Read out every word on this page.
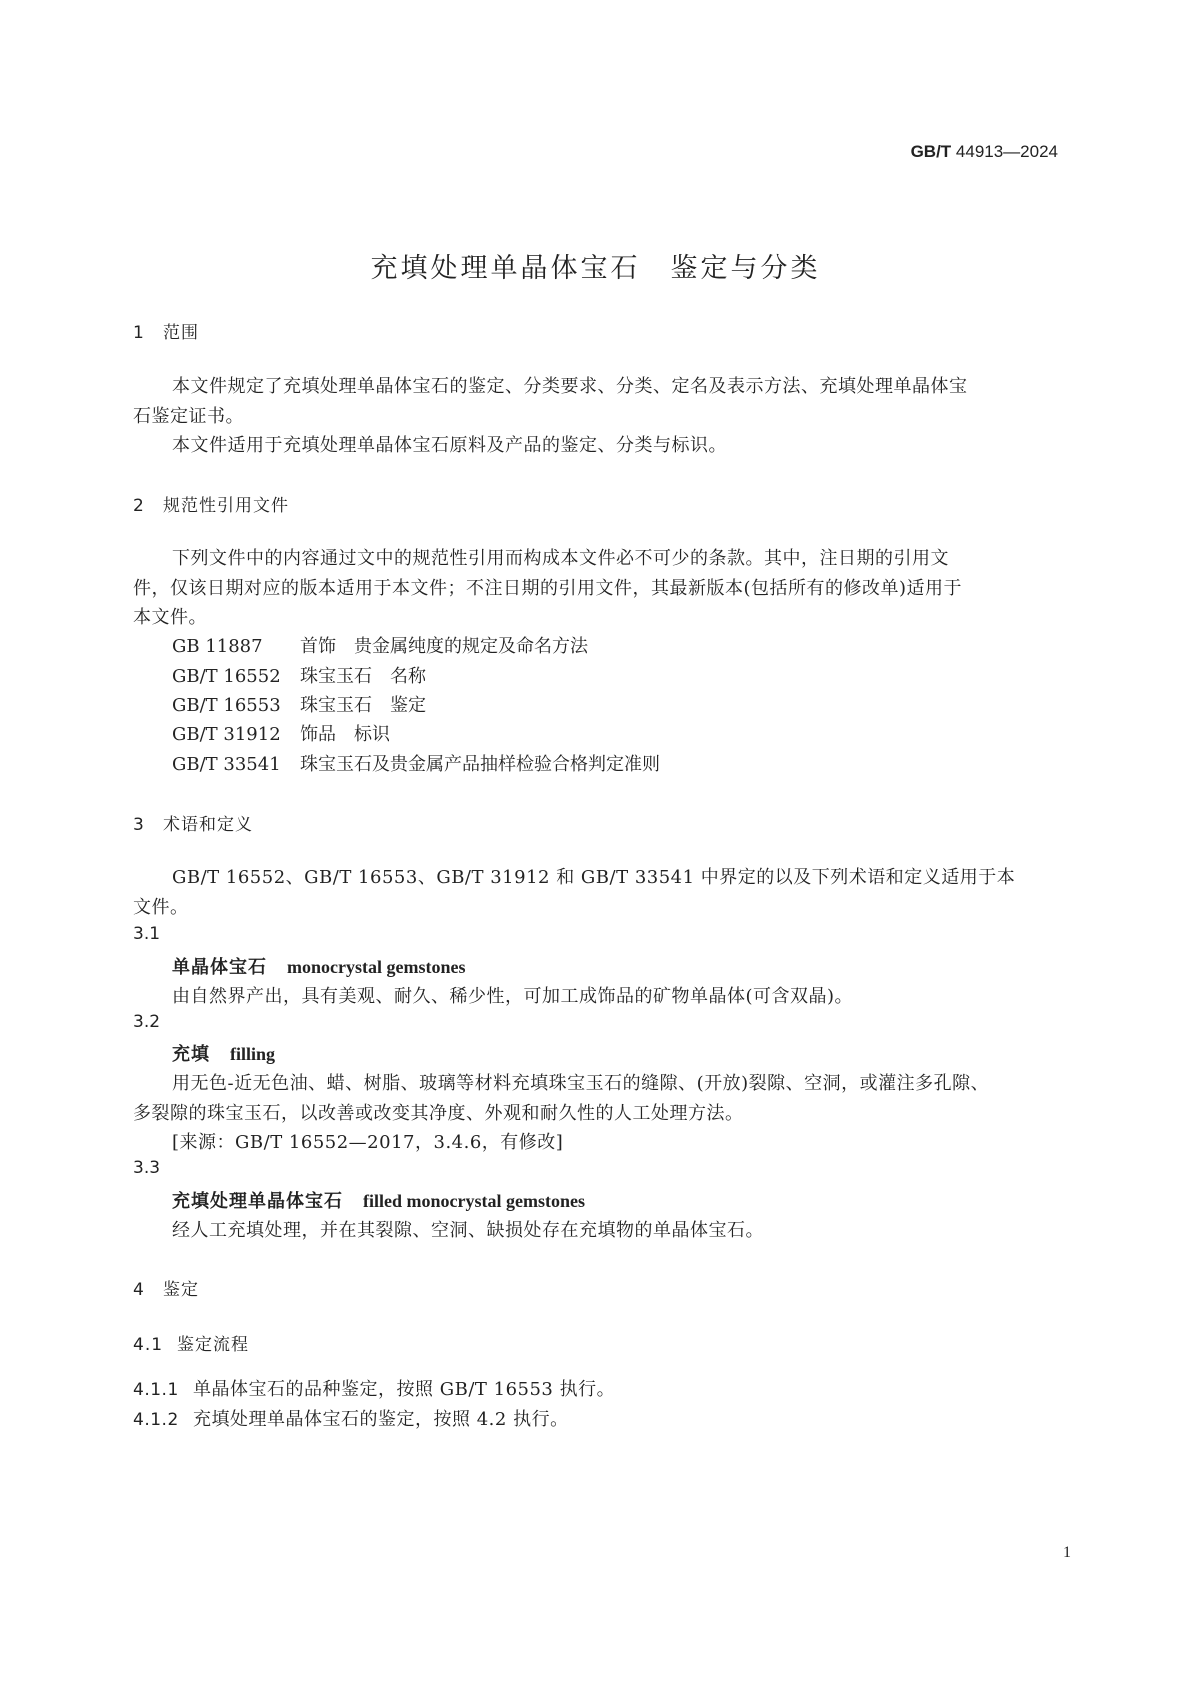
GB/T 44913—2024
充填处理单晶体宝石　鉴定与分类
1 范围
本文件规定了充填处理单晶体宝石的鉴定、分类要求、分类、定名及表示方法、充填处理单晶体宝
石鉴定证书。
本文件适用于充填处理单晶体宝石原料及产品的鉴定、分类与标识。
2 规范性引用文件
下列文件中的内容通过文中的规范性引用而构成本文件必不可少的条款。其中，注日期的引用文
件，仅该日期对应的版本适用于本文件；不注日期的引用文件，其最新版本(包括所有的修改单)适用于
本文件。
GB 11887 首饰　贵金属纯度的规定及命名方法
GB/T 16552 珠宝玉石　名称
GB/T 16553 珠宝玉石　鉴定
GB/T 31912 饰品　标识
GB/T 33541 珠宝玉石及贵金属产品抽样检验合格判定准则
3 术语和定义
GB/T 16552、GB/T 16553、GB/T 31912 和 GB/T 33541 中界定的以及下列术语和定义适用于本
文件。
3.1
单晶体宝石 monocrystal gemstones
由自然界产出，具有美观、耐久、稀少性，可加工成饰品的矿物单晶体(可含双晶)。
3.2
充填 filling
用无色-近无色油、蜡、树脂、玻璃等材料充填珠宝玉石的缝隙、(开放)裂隙、空洞，或灌注多孔隙、
多裂隙的珠宝玉石，以改善或改变其净度、外观和耐久性的人工处理方法。
[来源：GB/T 16552—2017，3.4.6，有修改]
3.3
充填处理单晶体宝石 filled monocrystal gemstones
经人工充填处理，并在其裂隙、空洞、缺损处存在充填物的单晶体宝石。
4 鉴定
4.1 鉴定流程
4.1.1 单晶体宝石的品种鉴定，按照 GB/T 16553 执行。
4.1.2 充填处理单晶体宝石的鉴定，按照 4.2 执行。
1
